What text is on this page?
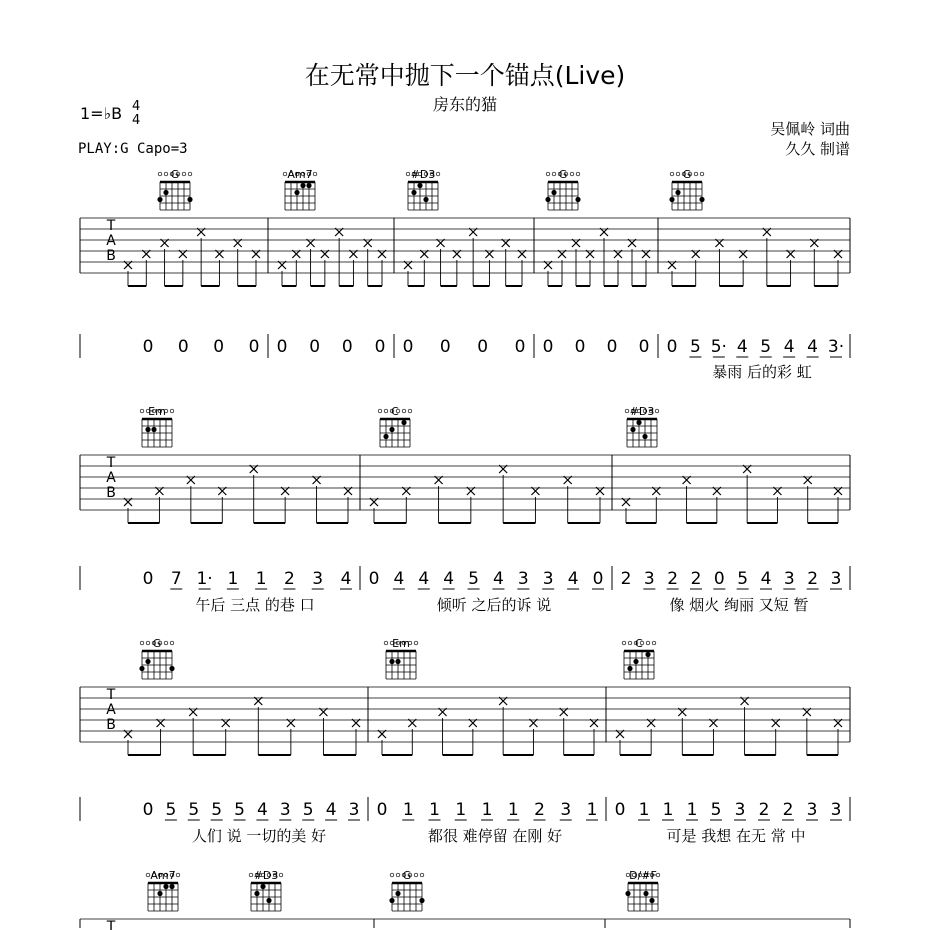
在无常中抛下一个锚点(Live)
房东的猫
1=♭B 4
4
PLAY:G Capo=3
吴佩岭 词曲
久久 制谱
G	Am7	#D3	G	G
T
A
B
0 0 0 0 0 0 0 0 0 0 0 0 0 0 0 0 0 5 5· 4 5 4 4 3·
暴雨 后的彩 虹
Em	C	#D3
T
A
B
0 7 1· 1 1 2 3 4
午后 三点 的巷 口
0 4 4 4 5 4 3 3 4 0
倾听 之后的诉 说
2 3 2 2 0 5 4 3 2 3
像 烟火 绚丽 又短 暂
G	Em	C
T
A
B
0 5 5 5 5 4 3 5 4 3
人们 说 一切的美 好
0 1 1 1 1 1 2 3 1
都很 难停留 在刚 好
0 1 1 1 5 3 2 2 3 3
可是 我想 在无 常 中
Am7	#D3	G	D/#F
T
